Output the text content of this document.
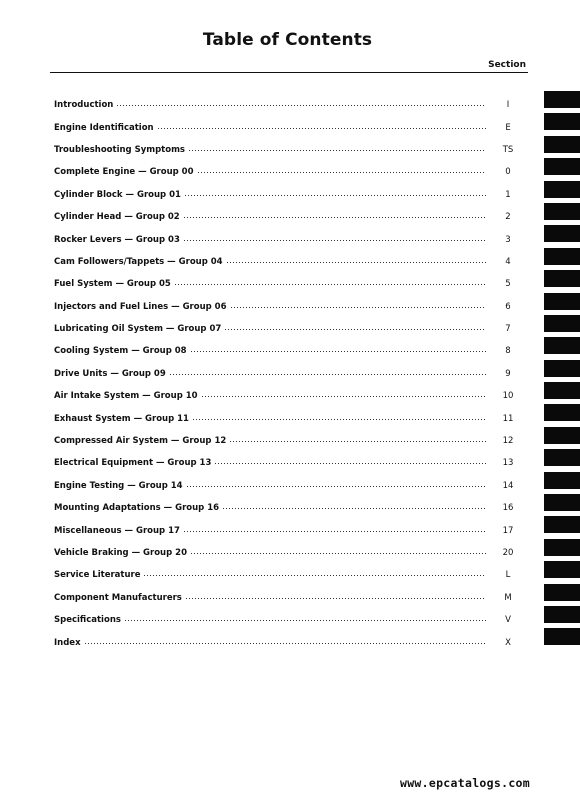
Table of Contents
Section
Introduction	I
Engine Identification	E
Troubleshooting Symptoms	TS
Complete Engine — Group 00	0
Cylinder Block — Group 01	1
Cylinder Head — Group 02	2
Rocker Levers — Group 03	3
Cam Followers/Tappets — Group 04	4
Fuel System — Group 05	5
Injectors and Fuel Lines — Group 06	6
Lubricating Oil System — Group 07	7
Cooling System — Group 08	8
Drive Units — Group 09	9
Air Intake System — Group 10	10
Exhaust System — Group 11	11
Compressed Air System — Group 12	12
Electrical Equipment — Group 13	13
Engine Testing — Group 14	14
Mounting Adaptations — Group 16	16
Miscellaneous — Group 17	17
Vehicle Braking — Group 20	20
Service Literature	L
Component Manufacturers	M
Specifications	V
Index	X
www.epcatalogs.com
